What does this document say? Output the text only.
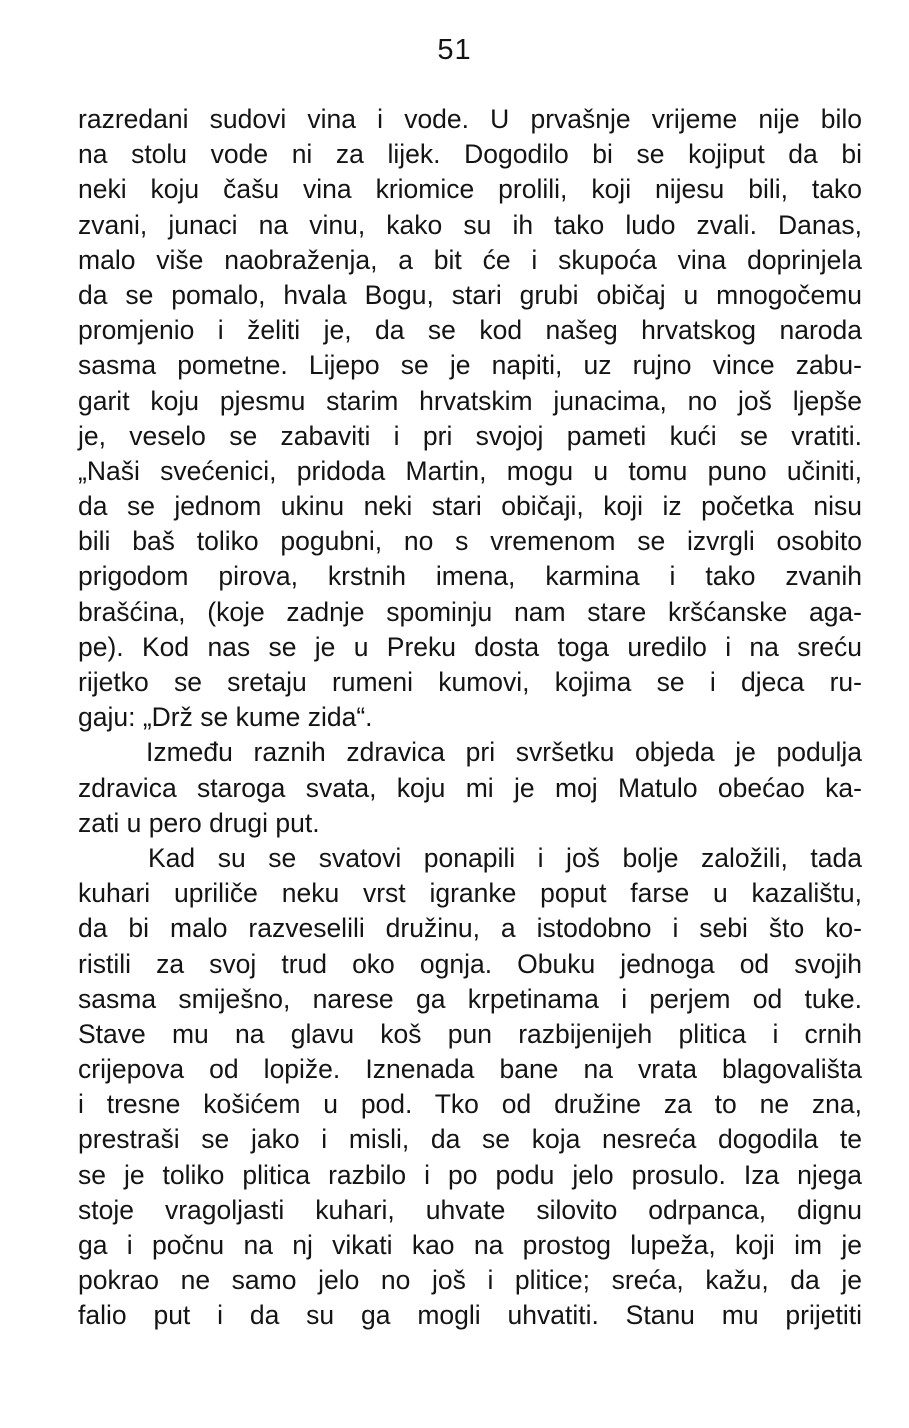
51
razredani sudovi vina i vode. U prvašnje vrijeme nije bilo
na stolu vode ni za lijek. Dogodilo bi se kojiput da bi
neki koju čašu vina kriomice prolili, koji nijesu bili, tako
zvani, junaci na vinu, kako su ih tako ludo zvali. Danas,
malo više naobraženja, a bit će i skupoća vina doprinjela
da se pomalo, hvala Bogu, stari grubi običaj u mnogočemu
promjenio i želiti je, da se kod našeg hrvatskog naroda
sasma pometne. Lijepo se je napiti, uz rujno vince zabu-
garit koju pjesmu starim hrvatskim junacima, no još ljepše
je, veselo se zabaviti i pri svojoj pameti kući se vratiti.
„Naši svećenici, pridoda Martin, mogu u tomu puno učiniti,
da se jednom ukinu neki stari običaji, koji iz početka nisu
bili baš toliko pogubni, no s vremenom se izvrgli osobito
prigodom pirova, krstnih imena, karmina i tako zvanih
brašćina, (koje zadnje spominju nam stare kršćanske aga-
pe). Kod nas se je u Preku dosta toga uredilo i na sreću
rijetko se sretaju rumeni kumovi, kojima se i djeca ru-
gaju: „Drž se kume zida“.
Između raznih zdravica pri svršetku objeda je podulja
zdravica staroga svata, koju mi je moj Matulo obećao ka-
zati u pero drugi put.
Kad su se svatovi ponapili i još bolje založili, tada
kuhari upriliče neku vrst igranke poput farse u kazalištu,
da bi malo razveselili družinu, a istodobno i sebi što ko-
ristili za svoj trud oko ognja. Obuku jednoga od svojih
sasma smiješno, narese ga krpetinama i perjem od tuke.
Stave mu na glavu koš pun razbijenijeh plitica i crnih
crijepova od lopiže. Iznenada bane na vrata blagovališta
i tresne košićem u pod. Tko od družine za to ne zna,
prestraši se jako i misli, da se koja nesreća dogodila te
se je toliko plitica razbilo i po podu jelo prosulo. Iza njega
stoje vragoljasti kuhari, uhvate silovito odrpanca, dignu
ga i počnu na nj vikati kao na prostog lupeža, koji im je
pokrao ne samo jelo no još i plitice; sreća, kažu, da je
falio put i da su ga mogli uhvatiti. Stanu mu prijetiti
